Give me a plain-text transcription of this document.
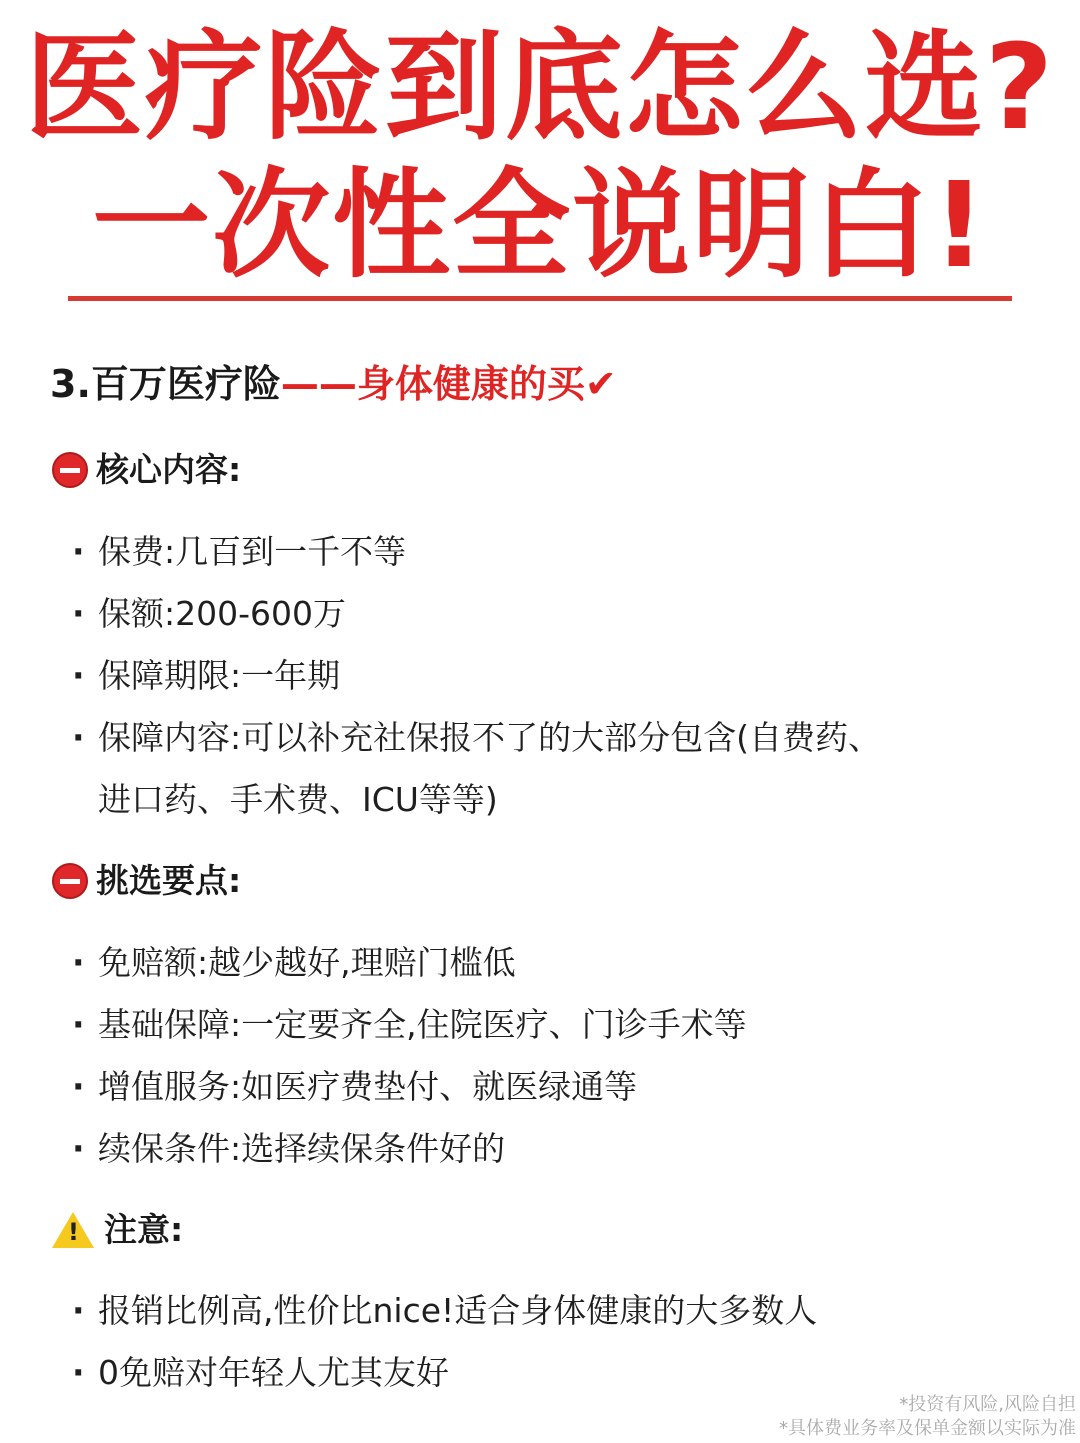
医疗险到底怎么选?
一次性全说明白!
3.百万医疗险——身体健康的买✔
核心内容:
· 保费:几百到一千不等
· 保额:200-600万
· 保障期限:一年期
· 保障内容:可以补充社保报不了的大部分包含(自费药、
进口药、手术费、ICU等等)
挑选要点:
· 免赔额:越少越好,理赔门槛低
· 基础保障:一定要齐全,住院医疗、门诊手术等
· 增值服务:如医疗费垫付、就医绿通等
· 续保条件:选择续保条件好的
!
注意:
· 报销比例高,性价比nice!适合身体健康的大多数人
· 0免赔对年轻人尤其友好
*投资有风险,风险自担
*具体费业务率及保单金额以实际为准
